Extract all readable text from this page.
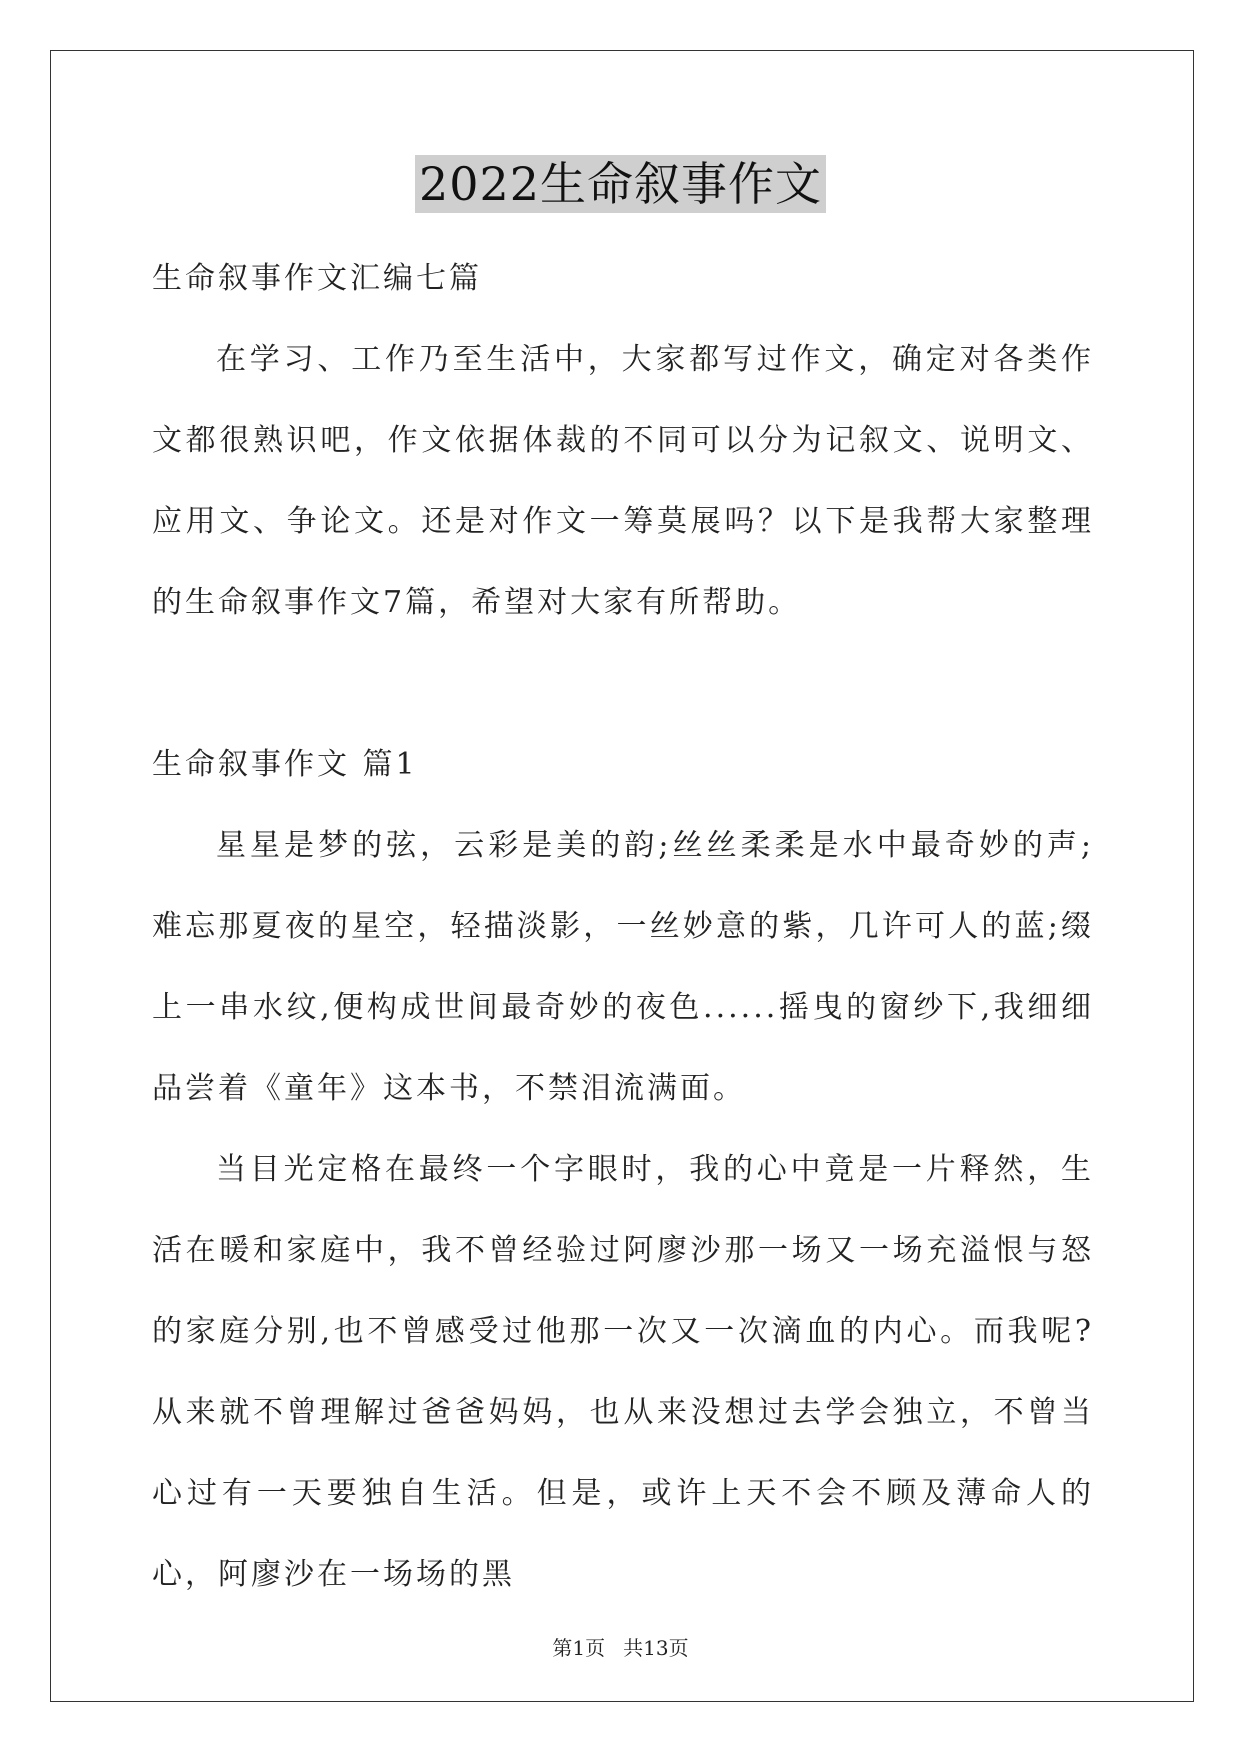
2022生命叙事作文

生命叙事作文汇编七篇

在学习、工作乃至生活中，大家都写过作文，确定对各类作文都很熟识吧，作文依据体裁的不同可以分为记叙文、说明文、应用文、争论文。还是对作文一筹莫展吗？以下是我帮大家整理的生命叙事作文7篇，希望对大家有所帮助。

生命叙事作文 篇1

星星是梦的弦，云彩是美的韵;丝丝柔柔是水中最奇妙的声;难忘那夏夜的星空，轻描淡影，一丝妙意的紫，几许可人的蓝;缀上一串水纹,便构成世间最奇妙的夜色......摇曳的窗纱下,我细细品尝着《童年》这本书，不禁泪流满面。

当目光定格在最终一个字眼时，我的心中竟是一片释然，生活在暖和家庭中，我不曾经验过阿廖沙那一场又一场充溢恨与怒的家庭分别,也不曾感受过他那一次又一次滴血的内心。而我呢?从来就不曾理解过爸爸妈妈，也从来没想过去学会独立，不曾当心过有一天要独自生活。但是，或许上天不会不顾及薄命人的心，阿廖沙在一场场的黑

第1页 共13页
